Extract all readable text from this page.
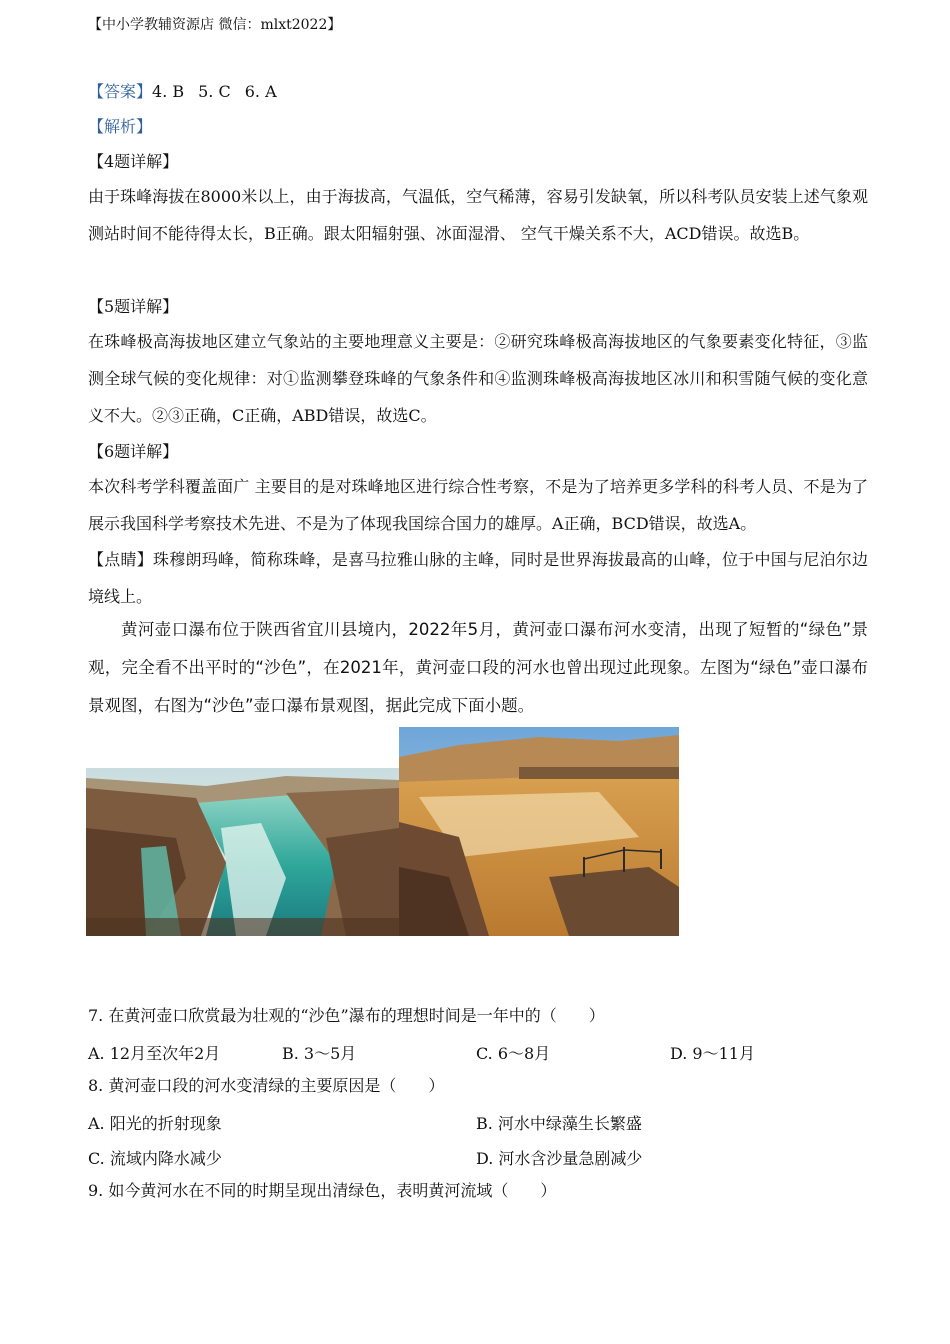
【中小学教辅资源店 微信：mlxt2022】
【答案】4. B 5. C 6. A
【解析】
【4题详解】
由于珠峰海拔在8000米以上，由于海拔高，气温低，空气稀薄，容易引发缺氧，所以科考队员安装上述气象观测站时间不能待得太长，B正确。跟太阳辐射强、冰面湿滑、 空气干燥关系不大，ACD错误。故选B。
【5题详解】
在珠峰极高海拔地区建立气象站的主要地理意义主要是：②研究珠峰极高海拔地区的气象要素变化特征，③监测全球气候的变化规律：对①监测攀登珠峰的气象条件和④监测珠峰极高海拔地区冰川和积雪随气候的变化意义不大。②③正确，C正确，ABD错误，故选C。
【6题详解】
本次科考学科覆盖面广 主要目的是对珠峰地区进行综合性考察，不是为了培养更多学科的科考人员、不是为了展示我国科学考察技术先进、不是为了体现我国综合国力的雄厚。A正确，BCD错误，故选A。
【点睛】珠穆朗玛峰，简称珠峰，是喜马拉雅山脉的主峰，同时是世界海拔最高的山峰，位于中国与尼泊尔边境线上。
黄河壶口瀑布位于陕西省宜川县境内，2022年5月，黄河壶口瀑布河水变清，出现了短暂的“绿色”景观，完全看不出平时的“沙色”，在2021年，黄河壶口段的河水也曾出现过此现象。左图为“绿色”壶口瀑布景观图，右图为“沙色”壶口瀑布景观图，据此完成下面小题。
7. 在黄河壶口欣赏最为壮观的“沙色”瀑布的理想时间是一年中的（　　）
A. 12月至次年2月	B. 3～5月	C. 6～8月	D. 9～11月
8. 黄河壶口段的河水变清绿的主要原因是（　　）
A. 阳光的折射现象	B. 河水中绿藻生长繁盛
C. 流域内降水减少	D. 河水含沙量急剧减少
9. 如今黄河水在不同的时期呈现出清绿色，表明黄河流域（　　）
